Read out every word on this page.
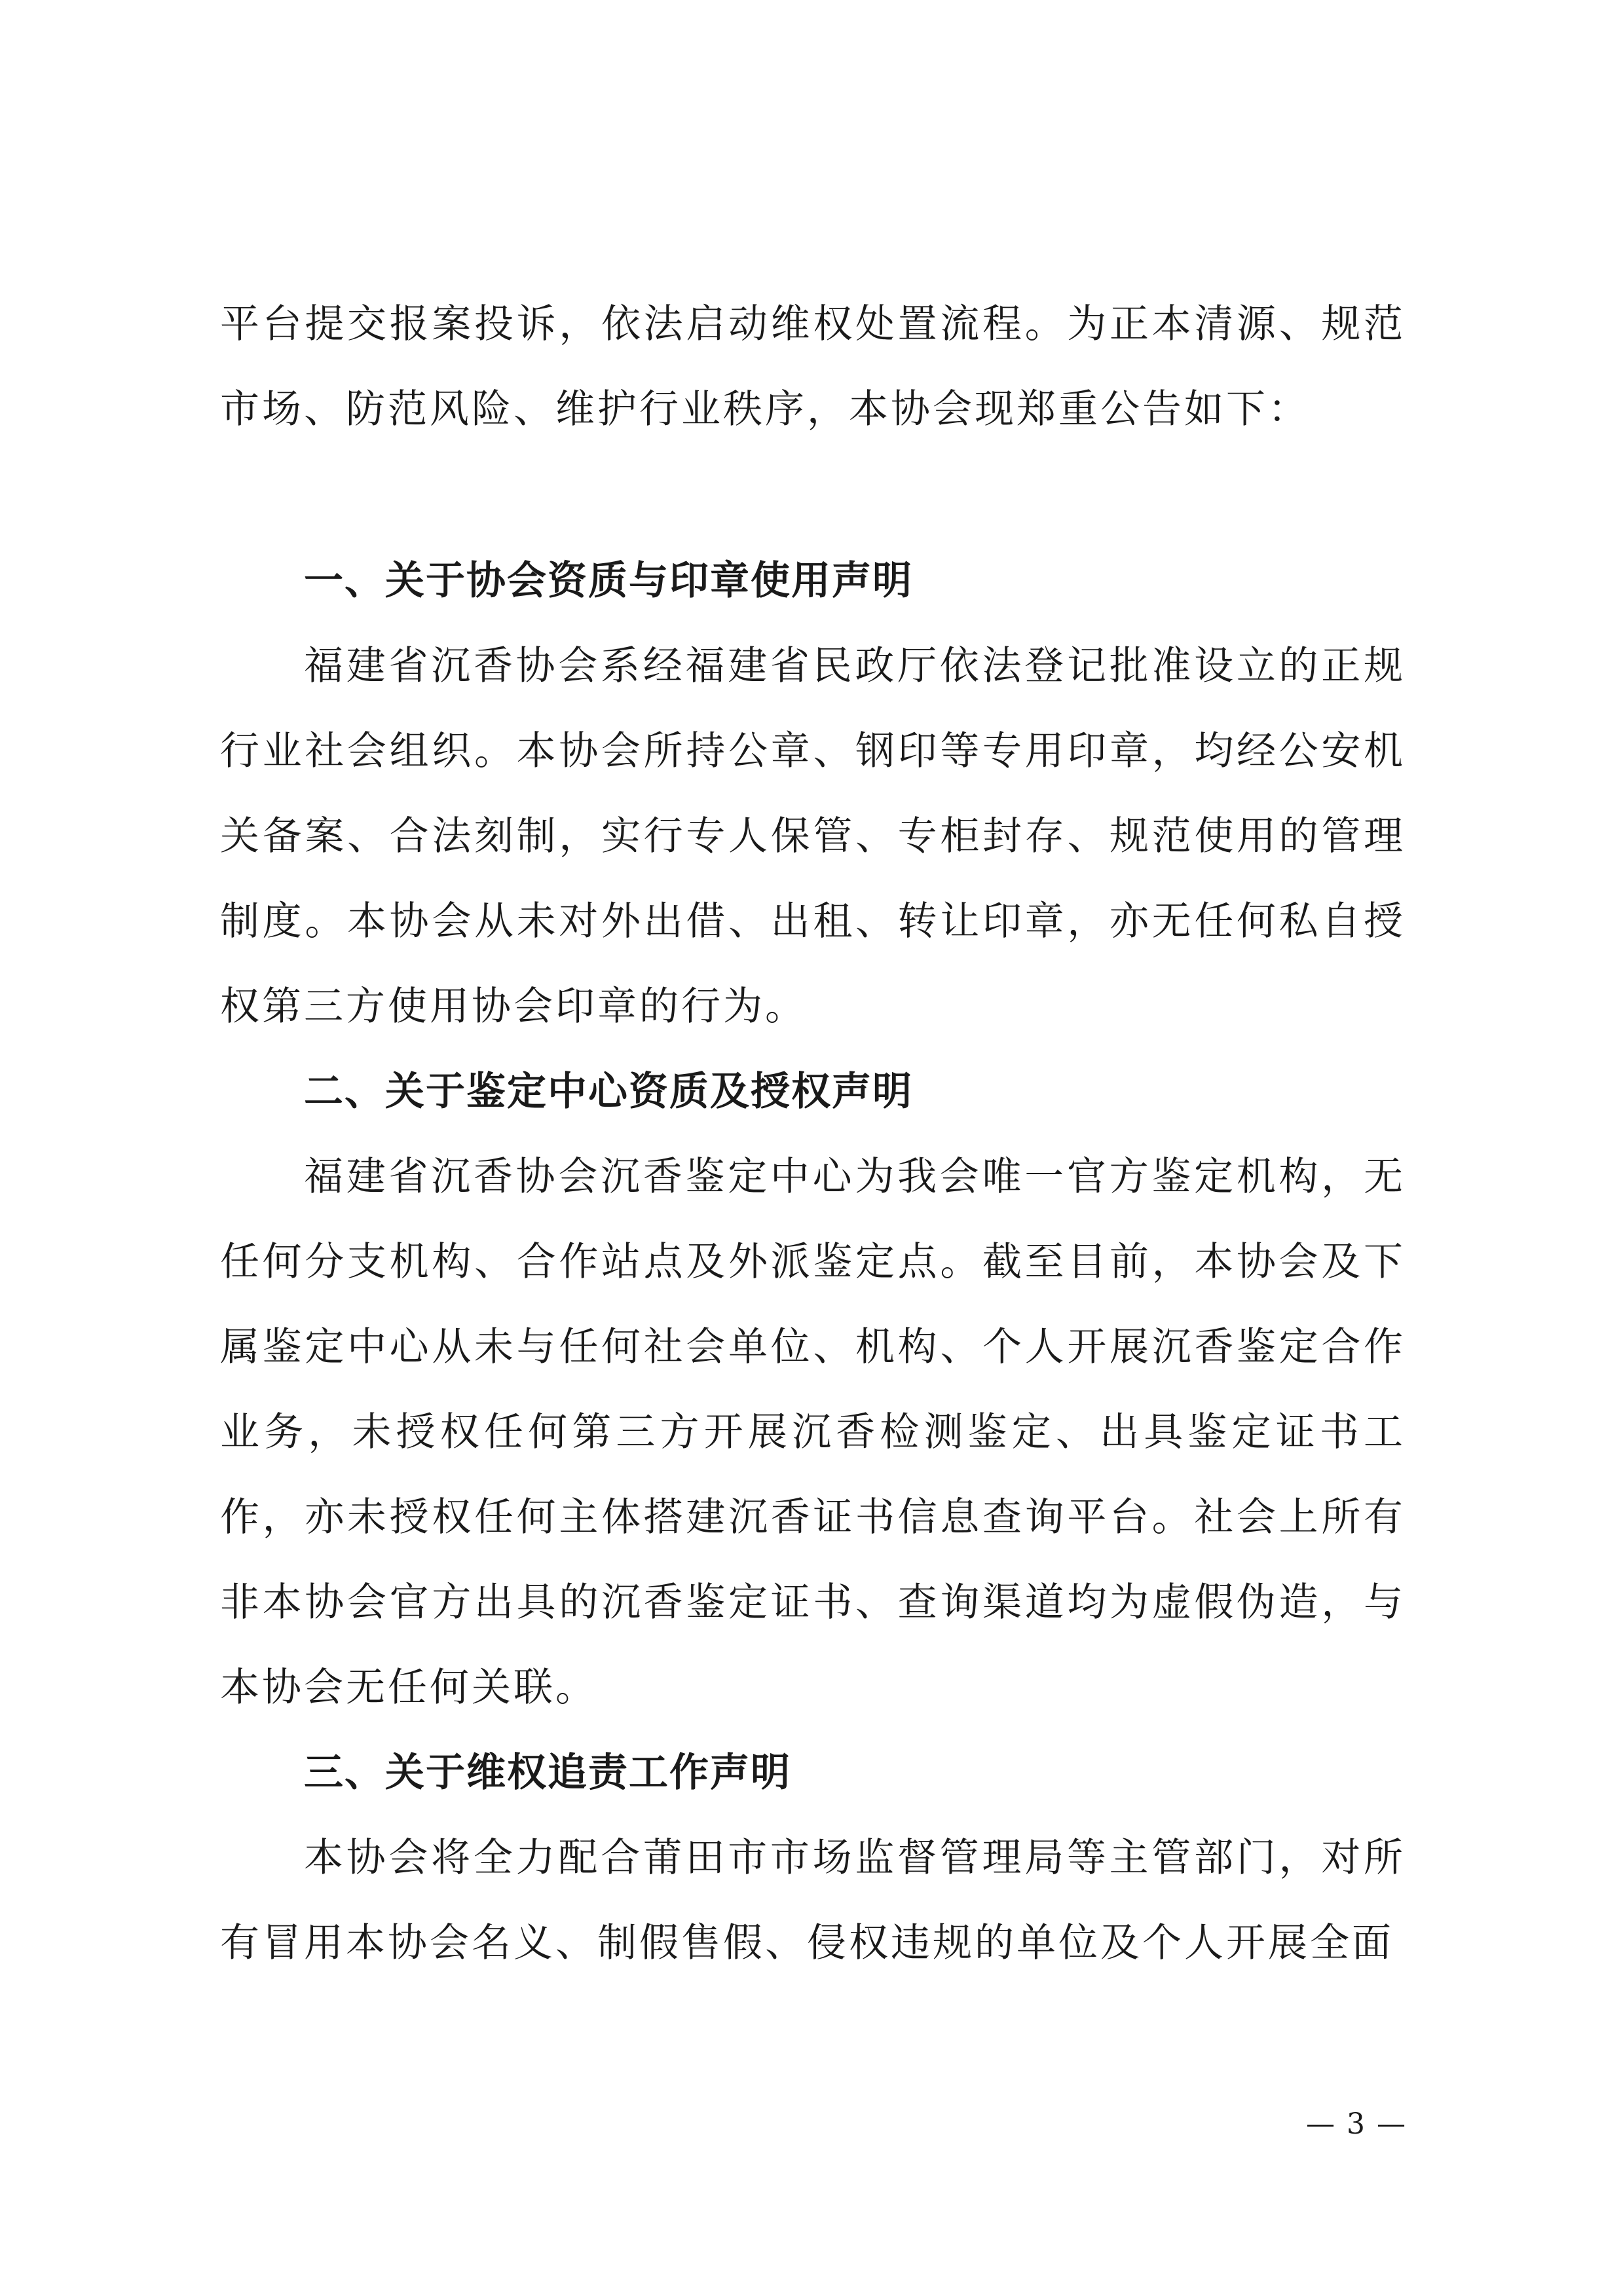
平台提交报案投诉，依法启动维权处置流程。为正本清源、规范市场、防范风险、维护行业秩序，本协会现郑重公告如下：

一、关于协会资质与印章使用声明

福建省沉香协会系经福建省民政厅依法登记批准设立的正规行业社会组织。本协会所持公章、钢印等专用印章，均经公安机关备案、合法刻制，实行专人保管、专柜封存、规范使用的管理制度。本协会从未对外出借、出租、转让印章，亦无任何私自授权第三方使用协会印章的行为。

二、关于鉴定中心资质及授权声明

福建省沉香协会沉香鉴定中心为我会唯一官方鉴定机构，无任何分支机构、合作站点及外派鉴定点。截至目前，本协会及下属鉴定中心从未与任何社会单位、机构、个人开展沉香鉴定合作业务，未授权任何第三方开展沉香检测鉴定、出具鉴定证书工作，亦未授权任何主体搭建沉香证书信息查询平台。社会上所有非本协会官方出具的沉香鉴定证书、查询渠道均为虚假伪造，与本协会无任何关联。

三、关于维权追责工作声明

本协会将全力配合莆田市市场监督管理局等主管部门，对所有冒用本协会名义、制假售假、侵权违规的单位及个人开展全面

— 3 —
